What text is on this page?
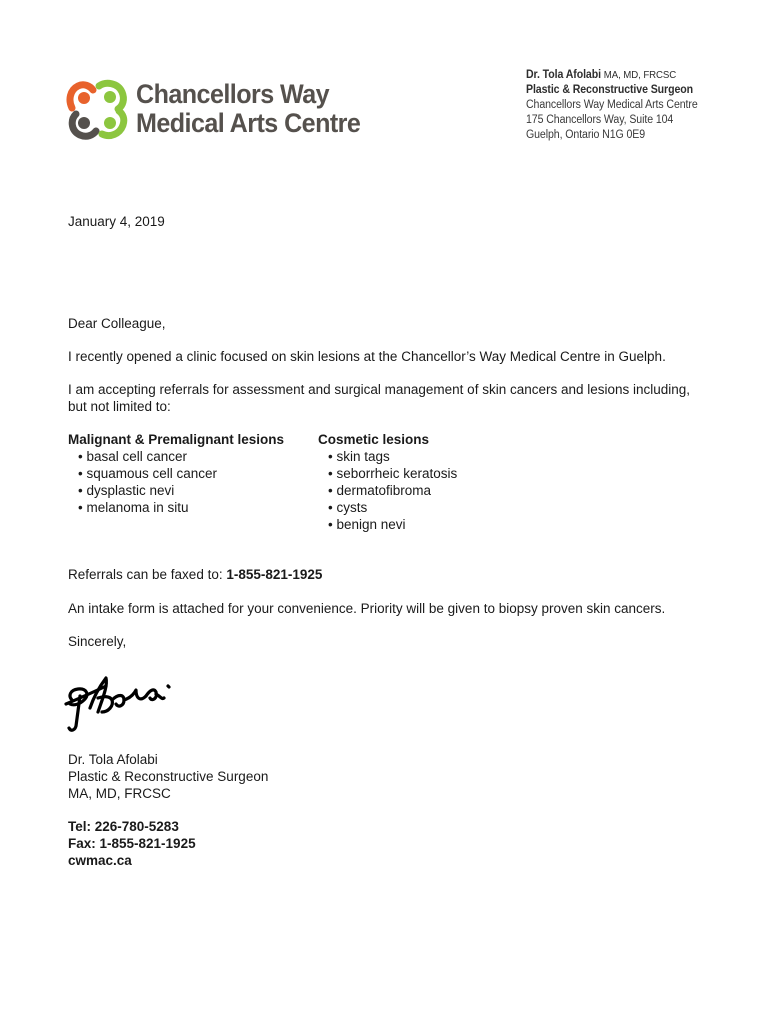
Chancellors Way
Medical Arts Centre
Dr. Tola Afolabi MA, MD, FRCSC
Plastic & Reconstructive Surgeon
Chancellors Way Medical Arts Centre
175 Chancellors Way, Suite 104
Guelph, Ontario N1G 0E9
January 4, 2019
Dear Colleague,
I recently opened a clinic focused on skin lesions at the Chancellor’s Way Medical Centre in Guelph.
I am accepting referrals for assessment and surgical management of skin cancers and lesions including, but not limited to:
Malignant & Premalignant lesions
• basal cell cancer
• squamous cell cancer
• dysplastic nevi
• melanoma in situ
Cosmetic lesions
• skin tags
• seborrheic keratosis
• dermatofibroma
• cysts
• benign nevi
Referrals can be faxed to: 1-855-821-1925
An intake form is attached for your convenience. Priority will be given to biopsy proven skin cancers.
Sincerely,
Dr. Tola Afolabi
Plastic & Reconstructive Surgeon
MA, MD, FRCSC
Tel: 226-780-5283
Fax: 1-855-821-1925
cwmac.ca
